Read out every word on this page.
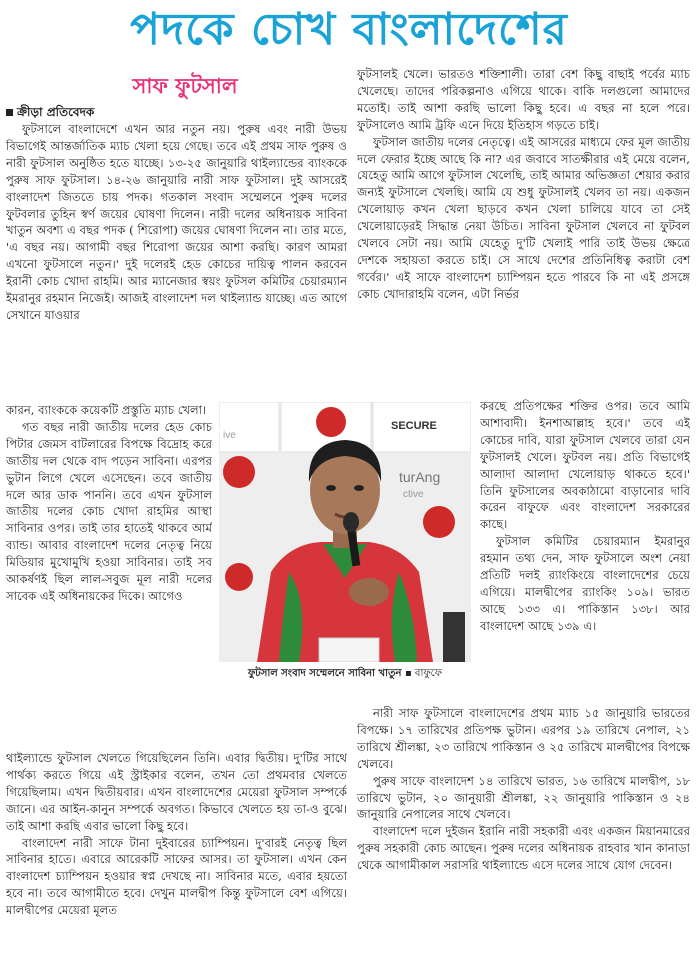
পদকে চোখ বাংলাদেশের
সাফ ফুটসাল
ক্রীড়া প্রতিবেদক

ফুটসালে বাংলাদেশে এখন আর নতুন নয়। পুরুষ এবং নারী উভয় বিভাগেই আন্তর্জাতিক ম্যাচ খেলা হয়ে গেছে। তবে এই প্রথম সাফ পুরুষ ও নারী ফুটসাল অনুষ্ঠিত হতে যাচ্ছে। ১৩-২৫ জানুয়ারি থাইল্যান্ডের ব্যাংককে পুরুষ সাফ ফুটসাল। ১৪-২৬ জানুয়ারি নারী সাফ ফুটসাল। দুই আসরেই বাংলাদেশ জিততে চায় পদক। গতকাল সংবাদ সম্মেলনে পুরুষ দলের ফুটবলার তুহিন স্বর্ণ জয়ের ঘোষণা দিলেন। নারী দলের অধিনায়ক সাবিনা খাতুন অবশ্য এ বছর পদক ( শিরোপা) জয়ের ঘোষণা দিলেন না। তার মতে, 'এ বছর নয়। আগামী বছর শিরোপা জয়ের আশা করছি। কারণ আমরা এখনো ফুটসালে নতুন।' দুই দলেরই হেড কোচের দায়িত্ব পালন করবেন ইরানী কোচ খোদা রাহমি। আর ম্যানেজার স্বয়ং ফুটসল কমিটির চেয়ারম্যান ইমরানুর রহমান নিজেই। আজই বাংলাদেশ দল থাইল্যান্ড যাচ্ছে। এত আগে সেখানে যাওয়ার

কারন, ব্যাংককে কয়েকটি প্রস্তুতি ম্যাচ খেলা।

গত বছর নারী জাতীয় দলের হেড কোচ পিটার জেমস বাটলারের বিপক্ষে বিদ্রোহ করে জাতীয় দল থেকে বাদ পড়েন সাবিনা। এরপর ভুটান লিগে খেলে এসেছেন। তবে জাতীয় দলে আর ডাক পাননি। তবে এখন ফুটসাল জাতীয় দলের কোচ খোদা রাহমির আস্থা সাবিনার ওপর। তাই তার হাতেই থাকবে আর্ম ব্যান্ড। আবার বাংলাদেশ দলের নেতৃত্ব নিয়ে মিডিয়ার মুখোমুখি হওয়া সাবিনার। তাই সব আকর্ষণই ছিল লাল-সবুজ মূল নারী দলের সাবেক এই অধিনায়কের দিকে। আগেও

থাইল্যান্ডে ফুটসাল খেলতে গিয়েছিলেন তিনি। এবার দ্বিতীয়। দু'টির সাথে পার্থক্য করতে গিয়ে এই স্ট্রাইকার বলেন, তখন তো প্রথমবার খেলতে গিয়েছিলাম। এখন দ্বিতীয়বার। এখন বাংলাদেশের মেয়েরা ফুটসাল সম্পর্কে জানে। এর আইন-কানুন সম্পর্কে অবগত। কিভাবে খেলতে হয় তা-ও বুঝে। তাই আশা করছি এবার ভালো কিছু হবে।

বাংলাদেশ নারী সাফে টানা দুইবারের চ্যাম্পিয়ন। দু'বারই নেতৃত্ব ছিল সাবিনার হাতে। এবারে আরেকটি সাফের আসর। তা ফুটসাল। এখন কেন বাংলাদেশ চ্যাম্পিয়ন হওয়ার স্বপ্ন দেখছে না। সাবিনার মতে, এবার হয়তো হবে না। তবে আগামীতে হবে। দেখুন মালদ্বীপ কিন্তু ফুটসালে বেশ এগিয়ে। মালদ্বীপের মেয়েরা মূলত

ফুটসালই খেলে। ভারতও শক্তিশালী। তারা বেশ কিছু বাছাই পর্বের ম্যাচ খেলেছে। তাদের পরিকল্পনাও এগিয়ে থাকে। বাকি দলগুলো আমাদের মতোই। তাই আশা করছি ভালো কিছু হবে। এ বছর না হলে পরে। ফুটসালেও আমি ট্রফি এনে দিয়ে ইতিহাস গড়তে চাই।

ফুটসাল জাতীয় দলের নেতৃত্বে। এই আসরের মাধ্যমে ফের মূল জাতীয় দলে ফেরার ইচ্ছে আছে কি না? এর জবাবে সাতক্ষীরার এই মেয়ে বলেন, যেহেতু আমি আগে ফুটসাল খেলেছি, তাই আমার অভিজ্ঞতা শেয়ার করার জন্যই ফুটসালে খেলছি। আমি যে শুধু ফুটসালই খেলব তা নয়। একজন খেলোয়াড় কখন খেলা ছাড়বে কখন খেলা চালিয়ে যাবে তা সেই খেলোয়াড়েরই সিদ্ধান্ত নেয়া উচিত। সাবিনা ফুটসাল খেলবে না ফুটবল খেলবে সেটা নয়। আমি যেহেতু দু'টি খেলাই পারি তাই উভয় ক্ষেত্রে দেশকে সহায়তা করতে চাই। সে সাথে দেশের প্রতিনিধিত্ব করাটা বেশ গর্বের।' এই সাফে বাংলাদেশ চ্যাম্পিয়ন হতে পারবে কি না এই প্রসঙ্গে কোচ খোদারাহমি বলেন, এটা নির্ভর

করছে প্রতিপক্ষের শক্তির ওপর। তবে আমি আশাবাদী। ইনশাআল্লাহ হবে।' তবে এই কোচের দাবি, যারা ফুটসাল খেলবে তারা যেন ফুটসালই খেলে। ফুটবল নয়। প্রতি বিভাগেই আলাদা আলাদা খেলোয়াড় থাকতে হবে।' তিনি ফুটসালের অবকাঠামো বাড়ানোর দাবি করেন বাফুফে এবং বাংলাদেশ সরকারের কাছে।

ফুটসাল কমিটির চেয়ারম্যান ইমরানুর রহমান তথ্য দেন, সাফ ফুটসালে অংশ নেয়া প্রতিটি দলই র‍্যাংকিংয়ে বাংলাদেশের চেয়ে এগিয়ে। মালদ্বীপের র‍্যাংকিং ১০৯। ভারত আছে ১৩৩ এ। পাকিস্তান ১৩৮। আর বাংলাদেশ আছে ১৩৯ এ।

নারী সাফ ফুটসালে বাংলাদেশের প্রথম ম্যাচ ১৫ জানুয়ারি ভারতের বিপক্ষে। ১৭ তারিখের প্রতিপক্ষ ভুটান। এরপর ১৯ তারিখে নেপাল, ২১ তারিখে শ্রীলঙ্কা, ২৩ তারিখে পাকিস্তান ও ২৫ তারিখে মালদ্বীপের বিপক্ষে খেলবে।

পুরুষ সাফে বাংলাদেশ ১৪ তারিখে ভারত, ১৬ তারিখে মালদ্বীপ, ১৮ তারিখে ভুটান, ২০ জানুয়ারী শ্রীলঙ্কা, ২২ জানুয়ারি পাকিস্তান ও ২৪ জানুয়ারি নেপালের সাথে খেলবে।

বাংলাদেশ দলে দুইজন ইরানি নারী সহকারী এবং একজন মিয়ানমারের পুরুষ সহকারী কোচ আছেন। পুরুষ দলের অধিনায়ক রাহবার খান কানাডা থেকে আগামীকাল সরাসরি থাইল্যান্ডে এসে দলের সাথে যোগ দেবেন।

SECURE
turAng
ctive
ive
ফুটসাল সংবাদ সম্মেলনে সাবিনা খাতুন ▪ বাফুফে
